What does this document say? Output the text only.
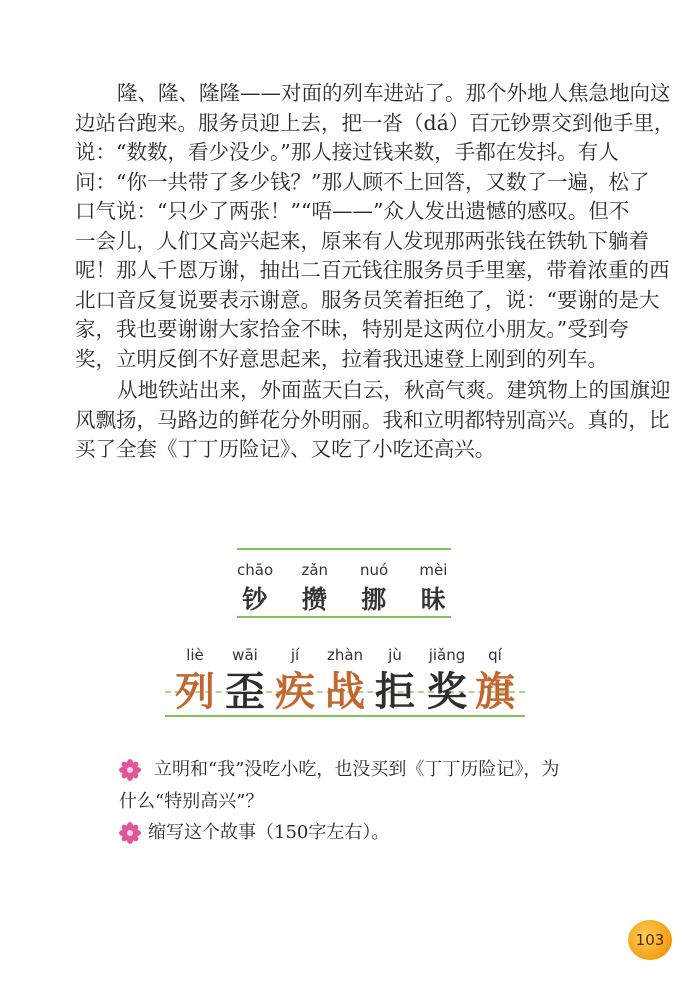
隆、隆、隆隆——对面的列车进站了。那个外地人焦急地向这
边站台跑来。服务员迎上去，把一沓（dá）百元钞票交到他手里，
说：“数数，看少没少。”那人接过钱来数，手都在发抖。有人
问：“你一共带了多少钱？”那人顾不上回答，又数了一遍，松了
口气说：“只少了两张！”“唔——”众人发出遗憾的感叹。但不
一会儿，人们又高兴起来，原来有人发现那两张钱在铁轨下躺着
呢！那人千恩万谢，抽出二百元钱往服务员手里塞，带着浓重的西
北口音反复说要表示谢意。服务员笑着拒绝了，说：“要谢的是大
家，我也要谢谢大家拾金不昧，特别是这两位小朋友。”受到夸
奖，立明反倒不好意思起来，拉着我迅速登上刚到的列车。

从地铁站出来，外面蓝天白云，秋高气爽。建筑物上的国旗迎
风飘扬，马路边的鲜花分外明丽。我和立明都特别高兴。真的，比
买了全套《丁丁历险记》、又吃了小吃还高兴。

chāo zǎn nuó mèi
钞 攒 挪 昧
liè	wāi	jí	zhàn	jù	jiǎng	qí
列 歪 疾 战 拒 奖 旗
立明和“我”没吃小吃，也没买到《丁丁历险记》，为
什么“特别高兴”？
缩写这个故事（150字左右）。
103
